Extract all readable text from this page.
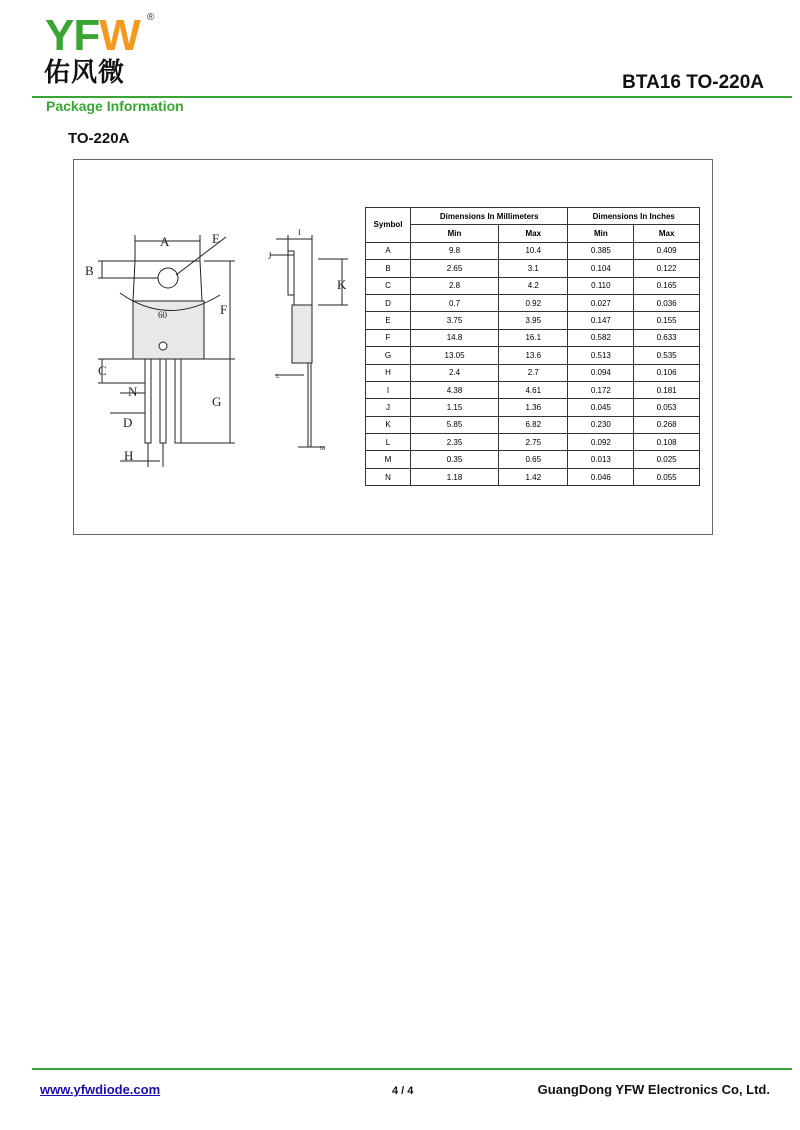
YFW ®
佑风微	BTA16 TO-220A
Package Information
TO-220A
A
B
C
D
E
F
G
H
I
J
K
L
M
N
60
Symbol	Dimensions In Millimeters		Dimensions In Inches	
	Min	Max	Min	Max
A	9.8	10.4	0.385	0.409
B	2.65	3.1	0.104	0.122
C	2.8	4.2	0.110	0.165
D	0.7	0.92	0.027	0.036
E	3.75	3.95	0.147	0.155
F	14.8	16.1	0.582	0.633
G	13.05	13.6	0.513	0.535
H	2.4	2.7	0.094	0.106
I	4.38	4.61	0.172	0.181
J	1.15	1.36	0.045	0.053
K	5.85	6.82	0.230	0.268
L	2.35	2.75	0.092	0.108
M	0.35	0.65	0.013	0.025
N	1.18	1.42	0.046	0.055
www.yfwdiode.com	4 / 4	GuangDong YFW Electronics Co, Ltd.
